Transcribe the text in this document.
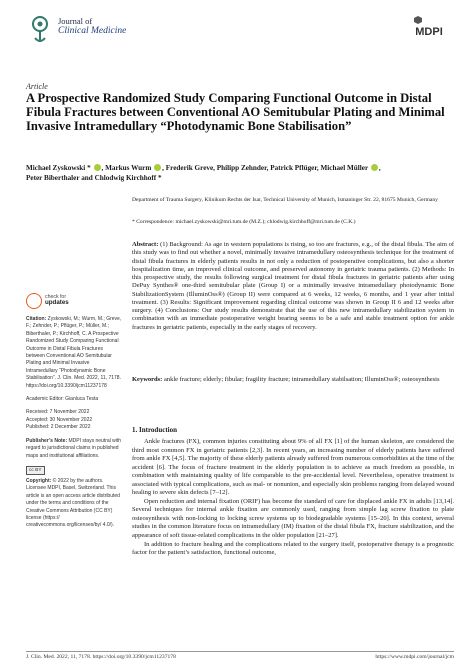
Journal of
Clinical Medicine	MDPI
Article
A Prospective Randomized Study Comparing Functional Outcome in Distal Fibula Fractures between Conventional AO Semitubular Plating and Minimal Invasive Intramedullary “Photodynamic Bone Stabilisation”
Michael Zyskowski * , Markus Wurm , Frederik Greve, Philipp Zehnder, Patrick Pflüger, Michael Müller ,
Peter Biberthaler and Chlodwig Kirchhoff *
Department of Trauma Surgery, Klinikum Rechts der Isar, Technical University of Munich, Ismaninger Str. 22, 81675 Munich, Germany
* Correspondence: michael.zyskowski@mri.tum.de (M.Z.); chlodwig.kirchhoff@mri.tum.de (C.K.)
Abstract: (1) Background: As age in western populations is rising, so too are fractures, e.g., of the distal fibula. The aim of this study was to find out whether a novel, minimally invasive intramedullary osteosynthesis technique for the treatment of distal fibula fractures in elderly patients results in not only a reduction of postoperative complications, but also a shorter hospitalization time, an improved clinical outcome, and preserved autonomy in geriatric trauma patients. (2) Methods: In this prospective study, the results following surgical treatment for distal fibula fractures in geriatric patients after using DePuy Synthes® one-third semitubular plate (Group I) or a minimally invasive intramedullary photodynamic Bone StabilizationSystem (IlluminOss®) (Group II) were compared at 6 weeks, 12 weeks, 6 months, and 1 year after initial treatment. (3) Results: Significant improvement regarding clinical outcome was shown in Group II 6 and 12 weeks after surgery. (4) Conclusions: Our study results demonstrate that the use of this new intramedullary stabilization system in combination with an immediate postoperative weight bearing seems to be a safe and stable treatment option for ankle fractures in geriatric patients, especially in the early stages of recovery.
Keywords: ankle fracture; elderly; fibular; fragility fracture; intramedullary stabilsation; IlluminOss®; osteosynthesis
check for
updates

Citation: Zyskowski, M.; Wurm, M.; Greve, F.; Zehnder, P.; Pflüger, P.; Müller, M.; Biberthaler, P.; Kirchhoff, C. A Prospective Randomized Study Comparing Functional Outcome in Distal Fibula Fractures between Conventional AO Semitubular Plating and Minimal Invasive Intramedullary “Photodynamic Bone Stabilisation”. J. Clin. Med. 2022, 11, 7178. https://doi.org/10.3390/jcm11237178

Academic Editor: Gianluca Testa

Received: 7 November 2022
Accepted: 30 November 2022
Published: 2 December 2022

Publisher’s Note: MDPI stays neutral with regard to jurisdictional claims in published maps and institutional affiliations.

cc BY

Copyright: © 2022 by the authors. Licensee MDPI, Basel, Switzerland. This article is an open access article distributed under the terms and conditions of the Creative Commons Attribution (CC BY) license (https:// creativecommons.org/licenses/by/ 4.0/).

1. Introduction

Ankle fractures (FX), common injuries constituting about 9% of all FX [1] of the human skeleton, are considered the third most common FX in geriatric patients [2,3]. In recent years, an increasing number of elderly patients have suffered from ankle FX [4,5]. The majority of these elderly patients already suffered from numerous comorbidities at the time of the accident [6]. The focus of fracture treatment in the elderly population is to achieve as much freedom as possible, in combination with maintaining quality of life comparable to the pre-accidental level. Nevertheless, operative treatment is associated with typical complications, such as mal- or nonunion, and especially skin problems ranging from delayed wound healing to severe skin defects [7–12].

Open reduction and internal fixation (ORIF) has become the standard of care for displaced ankle FX in adults [13,14]. Several techniques for internal ankle fixation are commonly used, ranging from simple lag screw fixation to plate osteosynthesis with non-locking to locking screw systems up to biodegradable systems [15–20]. In this context, several studies in the common literature focus on intramedullary (IM) fixation of the distal fibula FX, fracture stabilization, and the appearance of soft tissue-related complications in the older population [21–27].

In addition to fracture healing and the complications related to the surgery itself, postoperative therapy is a prognostic factor for the patient’s satisfaction, functional outcome,

J. Clin. Med. 2022, 11, 7178. https://doi.org/10.3390/jcm11237178	https://www.mdpi.com/journal/jcm
